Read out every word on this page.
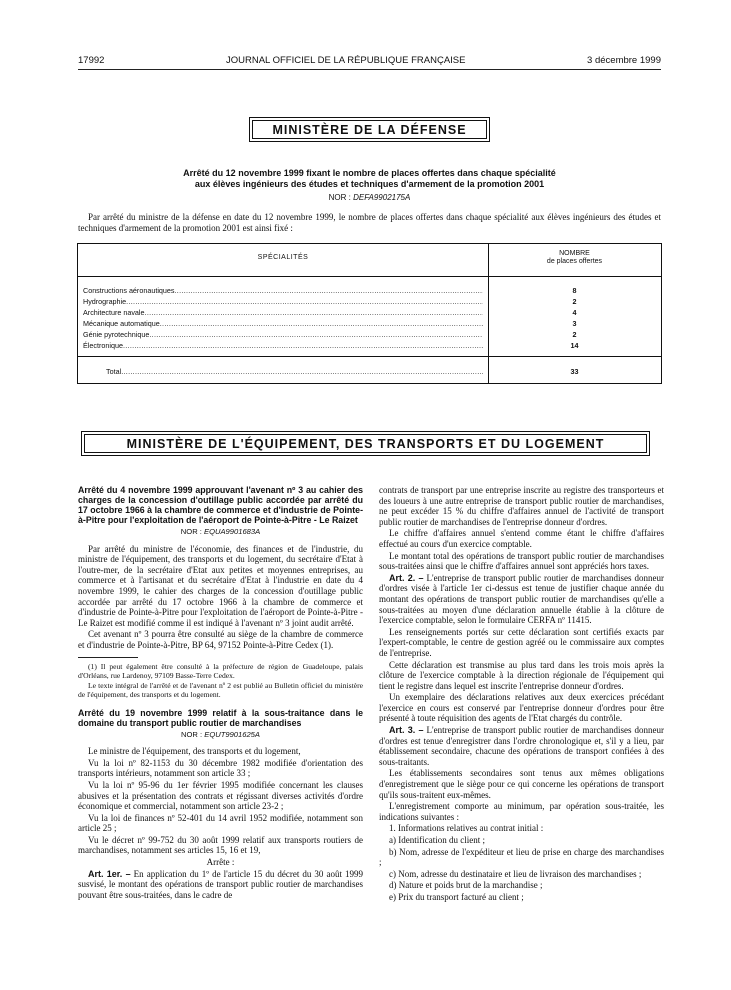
17992	JOURNAL OFFICIEL DE LA RÉPUBLIQUE FRANÇAISE	3 décembre 1999
MINISTÈRE DE LA DÉFENSE
Arrêté du 12 novembre 1999 fixant le nombre de places offertes dans chaque spécialité
aux élèves ingénieurs des études et techniques d'armement de la promotion 2001
NOR : DEFA9902175A

Par arrêté du ministre de la défense en date du 12 novembre 1999, le nombre de places offertes dans chaque spécialité aux élèves ingénieurs des études et techniques d'armement de la promotion 2001 est ainsi fixé :

SPÉCIALITÉS
NOMBRE
de places offertes
Constructions aéronautiques .....	8
Hydrographie .....	2
Architecture navale .....	4
Mécanique automatique .....	3
Génie pyrotechnique .....	2
Électronique .....	14
Total .....	33
MINISTÈRE DE L'ÉQUIPEMENT, DES TRANSPORTS ET DU LOGEMENT

Arrêté du 4 novembre 1999 approuvant l'avenant nº 3 au cahier des charges de la concession d'outillage public accordée par arrêté du 17 octobre 1966 à la chambre de commerce et d'industrie de Pointe-à-Pitre pour l'exploitation de l'aéroport de Pointe-à-Pitre - Le Raizet

NOR : EQUA9901683A

Par arrêté du ministre de l'économie, des finances et de l'industrie, du ministre de l'équipement, des transports et du logement, du secrétaire d'Etat à l'outre-mer, de la secrétaire d'Etat aux petites et moyennes entreprises, au commerce et à l'artisanat et du secrétaire d'Etat à l'industrie en date du 4 novembre 1999, le cahier des charges de la concession d'outillage public accordée par arrêté du 17 octobre 1966 à la chambre de commerce et d'industrie de Pointe-à-Pitre pour l'exploitation de l'aéroport de Pointe-à-Pitre - Le Raizet est modifié comme il est indiqué à l'avenant nº 3 joint audit arrêté.

Cet avenant nº 3 pourra être consulté au siège de la chambre de commerce et d'industrie de Pointe-à-Pitre, BP 64, 97152 Pointe-à-Pitre Cedex (1).

(1) Il peut également être consulté à la préfecture de région de Guadeloupe, palais d'Orléans, rue Lardenoy, 97109 Basse-Terre Cedex.

Le texte intégral de l'arrêté et de l'avenant nº 2 est publié au Bulletin officiel du ministère de l'équipement, des transports et du logement.

Arrêté du 19 novembre 1999 relatif à la sous-traitance dans le domaine du transport public routier de marchandises

NOR : EQUT9901625A

Le ministre de l'équipement, des transports et du logement,

Vu la loi nº 82-1153 du 30 décembre 1982 modifiée d'orientation des transports intérieurs, notamment son article 33 ;

Vu la loi nº 95-96 du 1er février 1995 modifiée concernant les clauses abusives et la présentation des contrats et régissant diverses activités d'ordre économique et commercial, notamment son article 23-2 ;

Vu la loi de finances nº 52-401 du 14 avril 1952 modifiée, notamment son article 25 ;

Vu le décret nº 99-752 du 30 août 1999 relatif aux transports routiers de marchandises, notamment ses articles 15, 16 et 19,

Arrête :

Art. 1er. – En application du 1º de l'article 15 du décret du 30 août 1999 susvisé, le montant des opérations de transport public routier de marchandises pouvant être sous-traitées, dans le cadre de

contrats de transport par une entreprise inscrite au registre des transporteurs et des loueurs à une autre entreprise de transport public routier de marchandises, ne peut excéder 15 % du chiffre d'affaires annuel de l'activité de transport public routier de marchandises de l'entreprise donneur d'ordres.

Le chiffre d'affaires annuel s'entend comme étant le chiffre d'affaires effectué au cours d'un exercice comptable.

Le montant total des opérations de transport public routier de marchandises sous-traitées ainsi que le chiffre d'affaires annuel sont appréciés hors taxes.

Art. 2. – L'entreprise de transport public routier de marchandises donneur d'ordres visée à l'article 1er ci-dessus est tenue de justifier chaque année du montant des opérations de transport public routier de marchandises qu'elle a sous-traitées au moyen d'une déclaration annuelle établie à la clôture de l'exercice comptable, selon le formulaire CERFA nº 11415.

Les renseignements portés sur cette déclaration sont certifiés exacts par l'expert-comptable, le centre de gestion agréé ou le commissaire aux comptes de l'entreprise.

Cette déclaration est transmise au plus tard dans les trois mois après la clôture de l'exercice comptable à la direction régionale de l'équipement qui tient le registre dans lequel est inscrite l'entreprise donneur d'ordres.

Un exemplaire des déclarations relatives aux deux exercices précédant l'exercice en cours est conservé par l'entreprise donneur d'ordres pour être présenté à toute réquisition des agents de l'Etat chargés du contrôle.

Art. 3. – L'entreprise de transport public routier de marchandises donneur d'ordres est tenue d'enregistrer dans l'ordre chronologique et, s'il y a lieu, par établissement secondaire, chacune des opérations de transport confiées à des sous-traitants.

Les établissements secondaires sont tenus aux mêmes obligations d'enregistrement que le siège pour ce qui concerne les opérations de transport qu'ils sous-traitent eux-mêmes.

L'enregistrement comporte au minimum, par opération sous-traitée, les indications suivantes :

1. Informations relatives au contrat initial :

a) Identification du client ;

b) Nom, adresse de l'expéditeur et lieu de prise en charge des marchandises ;

c) Nom, adresse du destinataire et lieu de livraison des marchandises ;

d) Nature et poids brut de la marchandise ;

e) Prix du transport facturé au client ;
